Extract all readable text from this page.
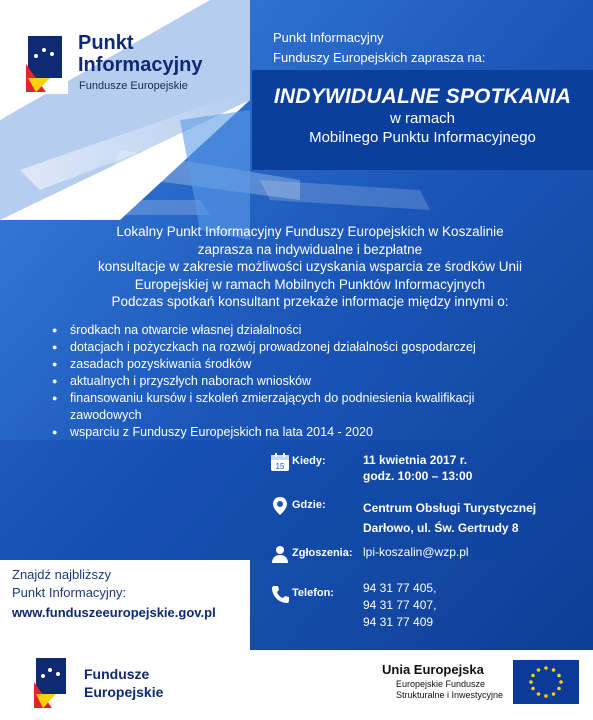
Punkt
Informacyjny
Fundusze Europejskie
Punkt Informacyjny
Funduszy Europejskich zaprasza na:
INDYWIDUALNE SPOTKANIA
w ramach
Mobilnego Punktu Informacyjnego
Lokalny Punkt Informacyjny Funduszy Europejskich w Koszalinie
zaprasza na indywidualne i bezpłatne
konsultacje w zakresie możliwości uzyskania wsparcia ze środków Unii
Europejskiej w ramach Mobilnych Punktów Informacyjnych
Podczas spotkań konsultant przekaże informacje między innymi o:
● środkach na otwarcie własnej działalności
● dotacjach i pożyczkach na rozwój prowadzonej działalności gospodarczej
● zasadach pozyskiwania środków
● aktualnych i przyszłych naborach wniosków
● finansowaniu kursów i szkoleń zmierzających do podniesienia kwalifikacji
zawodowych
● wsparciu z Funduszy Europejskich na lata 2014 - 2020
15 Kiedy:	11 kwietnia 2017 r.
godz. 10:00 – 13:00
Gdzie:	Centrum Obsługi Turystycznej
Darłowo, ul. Św. Gertrudy 8
Zgłoszenia: lpi-koszalin@wzp.pl
Telefon: 94 31 77 405,
94 31 77 407,
94 31 77 409
Znajdź najbliższy
Punkt Informacyjny:
www.funduszeeuropejskie.gov.pl
Fundusze
Europejskie
Unia Europejska
Europejskie Fundusze
Strukturalne i Inwestycyjne
